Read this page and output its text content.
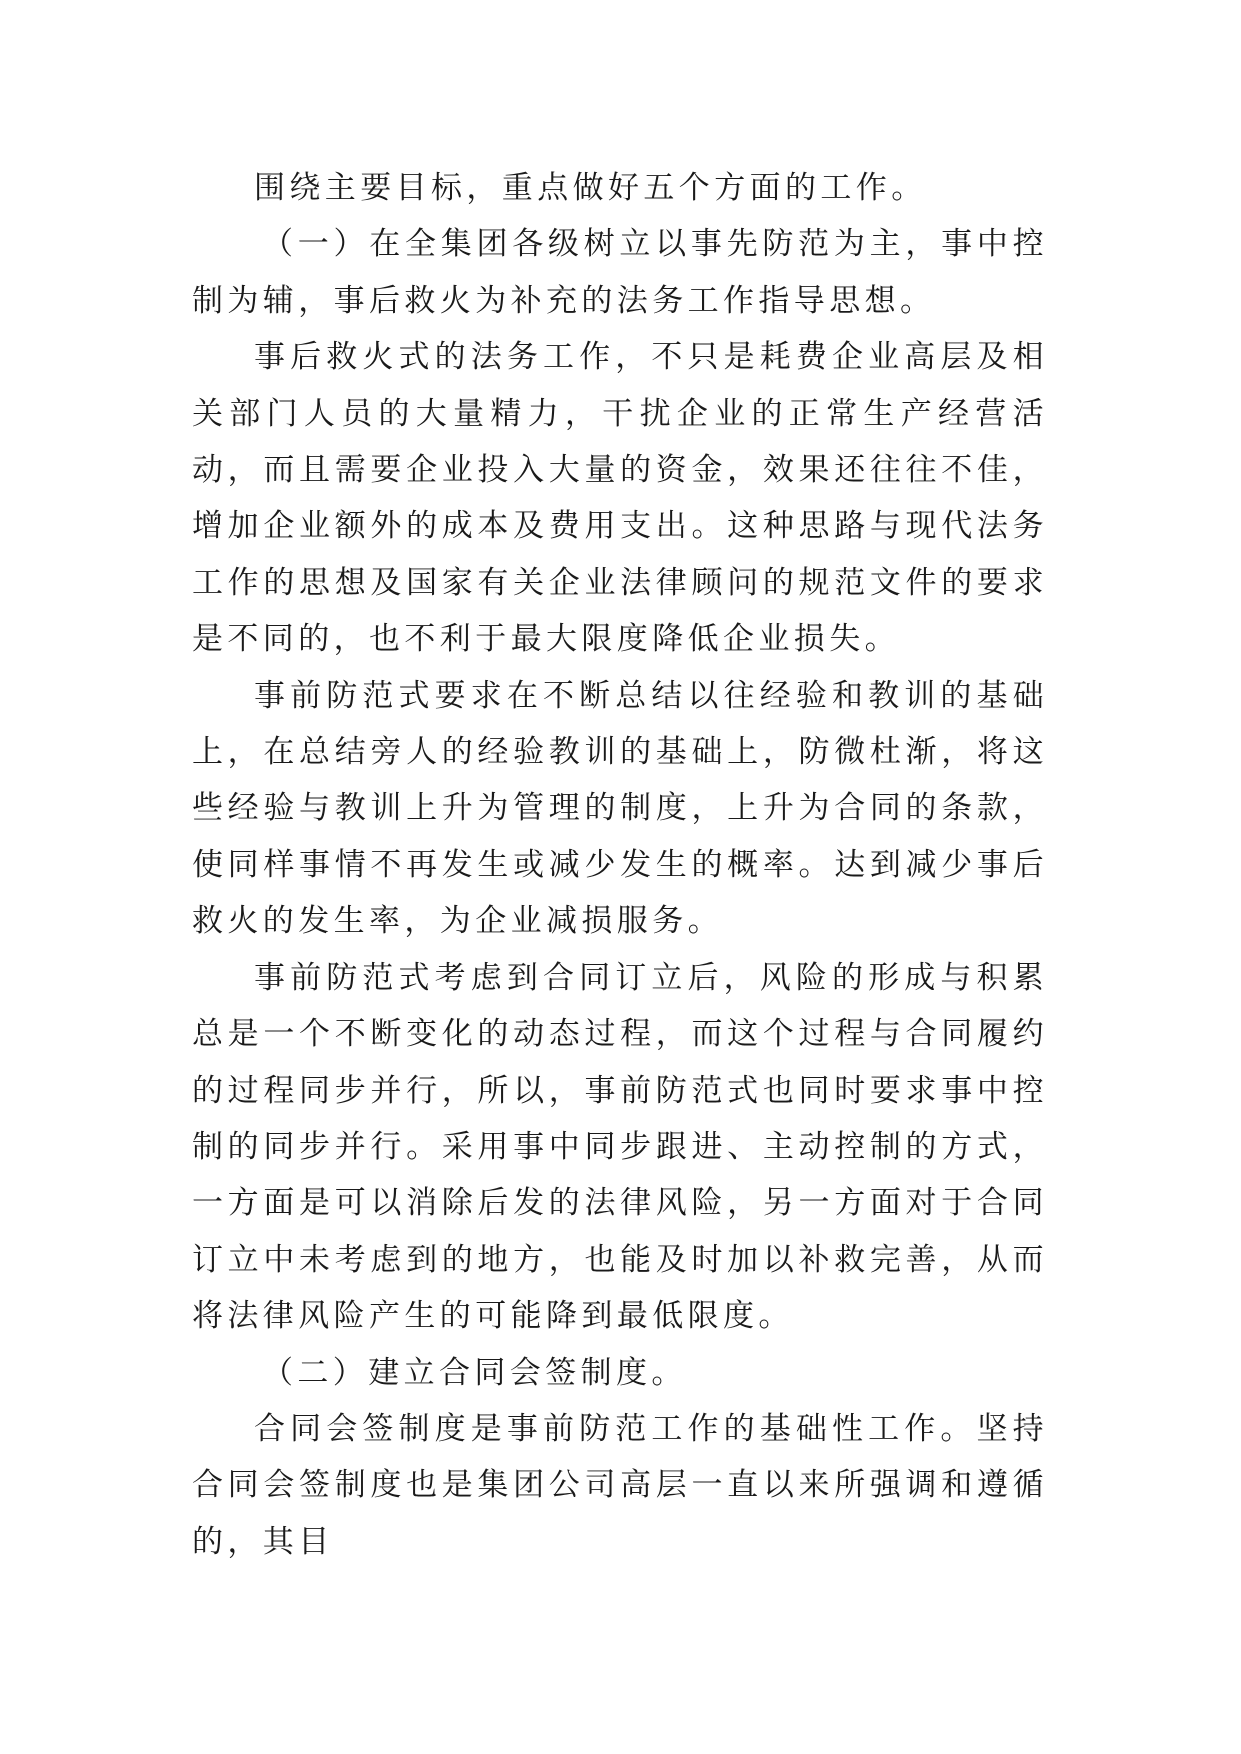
围绕主要目标，重点做好五个方面的工作。

（一）在全集团各级树立以事先防范为主，事中控制为辅，事后救火为补充的法务工作指导思想。

事后救火式的法务工作，不只是耗费企业高层及相关部门人员的大量精力，干扰企业的正常生产经营活动，而且需要企业投入大量的资金，效果还往往不佳，增加企业额外的成本及费用支出。这种思路与现代法务工作的思想及国家有关企业法律顾问的规范文件的要求是不同的，也不利于最大限度降低企业损失。

事前防范式要求在不断总结以往经验和教训的基础上，在总结旁人的经验教训的基础上，防微杜渐，将这些经验与教训上升为管理的制度，上升为合同的条款，使同样事情不再发生或减少发生的概率。达到减少事后救火的发生率，为企业减损服务。

事前防范式考虑到合同订立后，风险的形成与积累总是一个不断变化的动态过程，而这个过程与合同履约的过程同步并行，所以，事前防范式也同时要求事中控制的同步并行。采用事中同步跟进、主动控制的方式，一方面是可以消除后发的法律风险，另一方面对于合同订立中未考虑到的地方，也能及时加以补救完善，从而将法律风险产生的可能降到最低限度。

（二）建立合同会签制度。

合同会签制度是事前防范工作的基础性工作。坚持合同会签制度也是集团公司高层一直以来所强调和遵循的，其目
